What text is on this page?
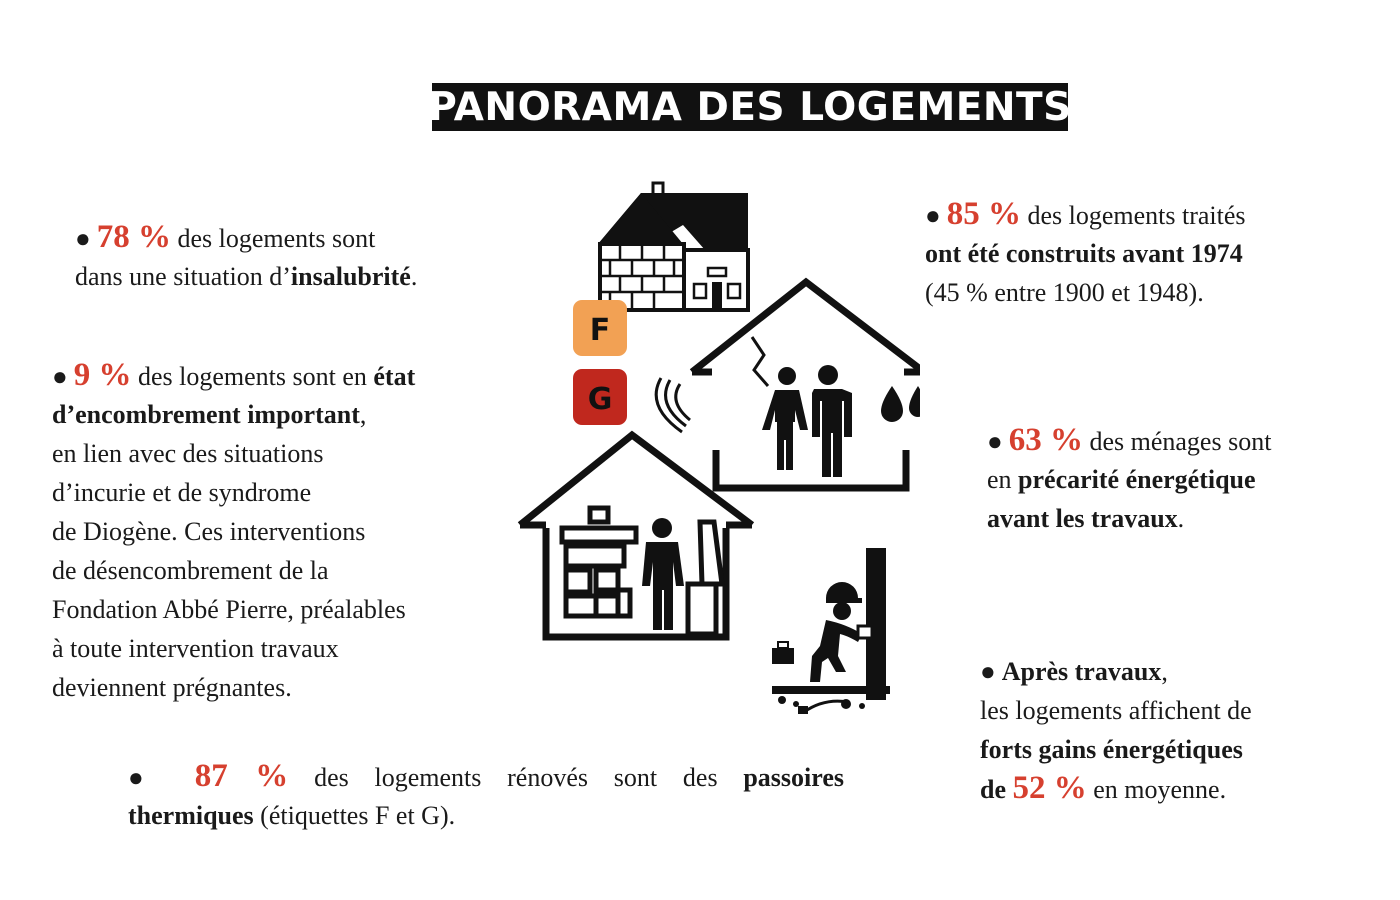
PANORAMA DES LOGEMENTS
● 78 % des logements sont
dans une situation d’insalubrité.
● 9 % des logements sont en état
d’encombrement important,
en lien avec des situations
d’incurie et de syndrome
de Diogène. Ces interventions
de désencombrement de la
Fondation Abbé Pierre, préalables
à toute intervention travaux
deviennent prégnantes.
● 87 % des logements rénovés sont des passoires
thermiques (étiquettes F et G).
● 85 % des logements traités
ont été construits avant 1974
(45 % entre 1900 et 1948).
● 63 % des ménages sont
en précarité énergétique
avant les travaux.
● Après travaux,
les logements affichent de
forts gains énergétiques
de 52 % en moyenne.
F
G
